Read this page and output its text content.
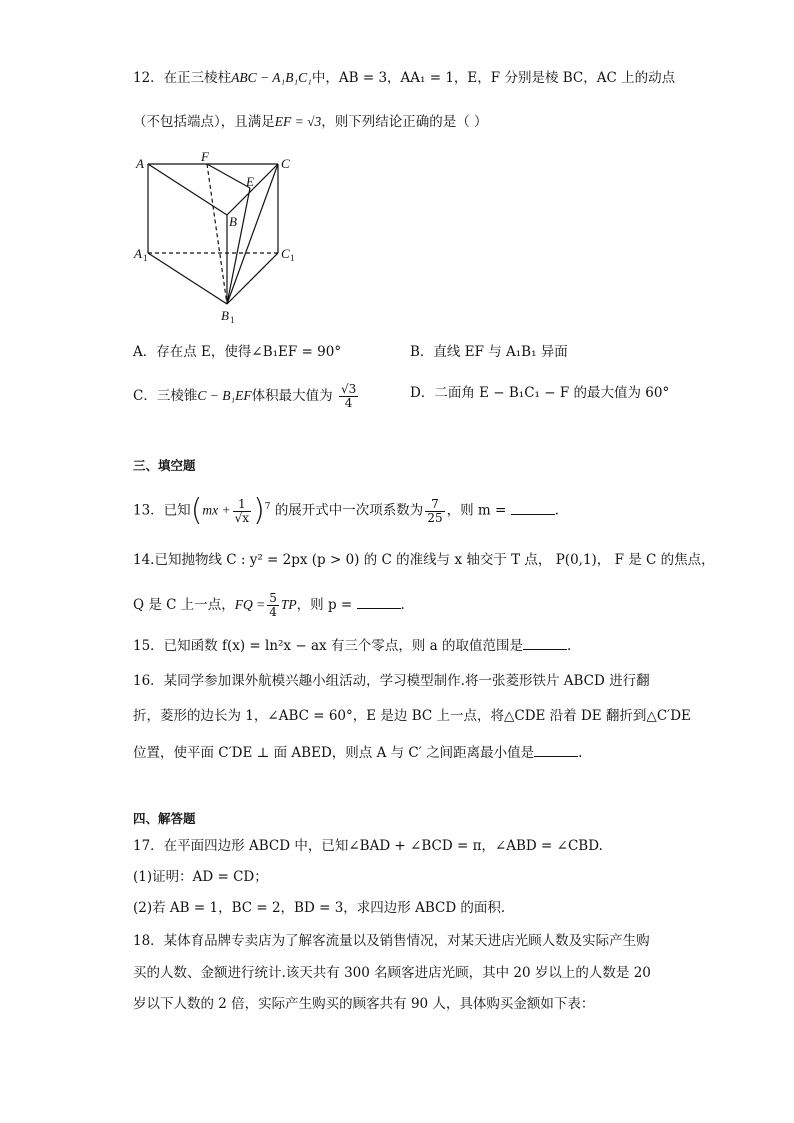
12．在正三棱柱ABC − A₁B₁C₁中，AB = 3，AA₁ = 1，E，F 分别是棱 BC，AC 上的动点
（不包括端点），且满足EF = √3，则下列结论正确的是（ ）
A	F	C
E
B
A 1	C 1
B 1
A．存在点 E，使得∠B₁EF = 90°	B．直线 EF 与 A₁B₁ 异面
C．三棱锥C − B₁EF体积最大值为 $\frac{√3}{4}$	D．二面角 E − B₁C₁ − F 的最大值为 60°
三、填空题
13．已知$(mx + \frac{1}{√x} )^7$ 的展开式中一次项系数为 $\frac{7}{25}$ ，则 m =	.
14.已知抛物线 C : y² = 2px (p > 0) 的 C 的准线与 x 轴交于 T 点， P(0,1)， F 是 C 的焦点，
Q 是 C 上一点，FQ = $\frac{5}{4}$ TP，则 p =	.
15．已知函数 f(x) = ln²x − ax 有三个零点，则 a 的取值范围是	.
16．某同学参加课外航模兴趣小组活动，学习模型制作.将一张菱形铁片 ABCD 进行翻
折，菱形的边长为 1，∠ABC = 60°，E 是边 BC 上一点，将△CDE 沿着 DE 翻折到△C′DE
位置，使平面 C′DE ⊥ 面 ABED，则点 A 与 C′ 之间距离最小值是	.
四、解答题
17．在平面四边形 ABCD 中，已知∠BAD + ∠BCD = π，∠ABD = ∠CBD.
(1)证明：AD = CD；
(2)若 AB = 1，BC = 2，BD = 3，求四边形 ABCD 的面积.
18．某体育品牌专卖店为了解客流量以及销售情况，对某天进店光顾人数及实际产生购
买的人数、金额进行统计.该天共有 300 名顾客进店光顾，其中 20 岁以上的人数是 20
岁以下人数的 2 倍，实际产生购买的顾客共有 90 人，具体购买金额如下表：
